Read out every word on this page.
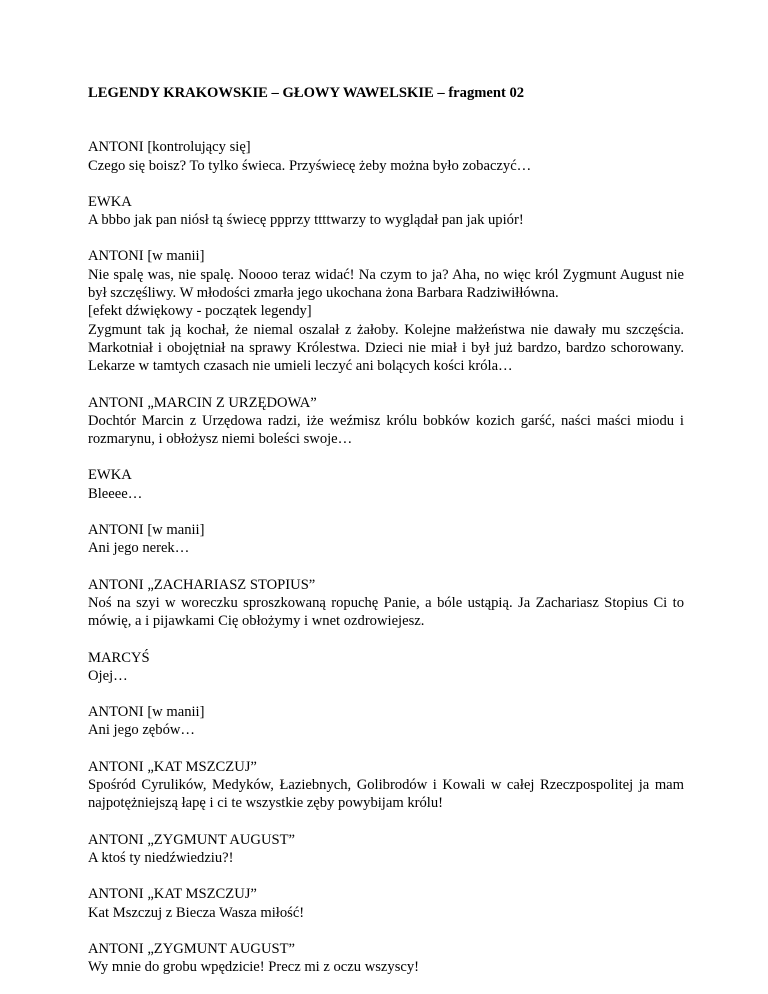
LEGENDY KRAKOWSKIE – GŁOWY WAWELSKIE – fragment 02

ANTONI [kontrolujący się]
Czego się boisz? To tylko świeca. Przyświecę żeby można było zobaczyć…
EWKA
A bbbo jak pan niósł tą świecę ppprzy ttttwarzy to wyglądał pan jak upiór!
ANTONI [w manii]
Nie spalę was, nie spalę. Noooo teraz widać! Na czym to ja? Aha, no więc król Zygmunt August nie był szczęśliwy. W młodości zmarła jego ukochana żona Barbara Radziwiłłówna.
[efekt dźwiękowy - początek legendy]
Zygmunt tak ją kochał, że niemal oszalał z żałoby. Kolejne małżeństwa nie dawały mu szczęścia. Markotniał i obojętniał na sprawy Królestwa. Dzieci nie miał i był już bardzo, bardzo schorowany. Lekarze w tamtych czasach nie umieli leczyć ani bolących kości króla…
ANTONI „MARCIN Z URZĘDOWA”
Dochtór Marcin z Urzędowa radzi, iże weźmisz królu bobków kozich garść, naści maści miodu i rozmarynu, i obłożysz niemi boleści swoje…
EWKA
Bleeee…
ANTONI [w manii]
Ani jego nerek…
ANTONI „ZACHARIASZ STOPIUS”
Noś na szyi w woreczku sproszkowaną ropuchę Panie, a bóle ustąpią. Ja Zachariasz Stopius Ci to mówię, a i pijawkami Cię obłożymy i wnet ozdrowiejesz.
MARCYŚ
Ojej…
ANTONI [w manii]
Ani jego zębów…
ANTONI „KAT MSZCZUJ”
Spośród Cyrulików, Medyków, Łaziebnych, Golibrodów i Kowali w całej Rzeczpospolitej ja mam najpotężniejszą łapę i ci te wszystkie zęby powybijam królu!
ANTONI „ZYGMUNT AUGUST”
A ktoś ty niedźwiedziu?!
ANTONI „KAT MSZCZUJ”
Kat Mszczuj z Biecza Wasza miłość!
ANTONI „ZYGMUNT AUGUST”
Wy mnie do grobu wpędzicie! Precz mi z oczu wszyscy!
